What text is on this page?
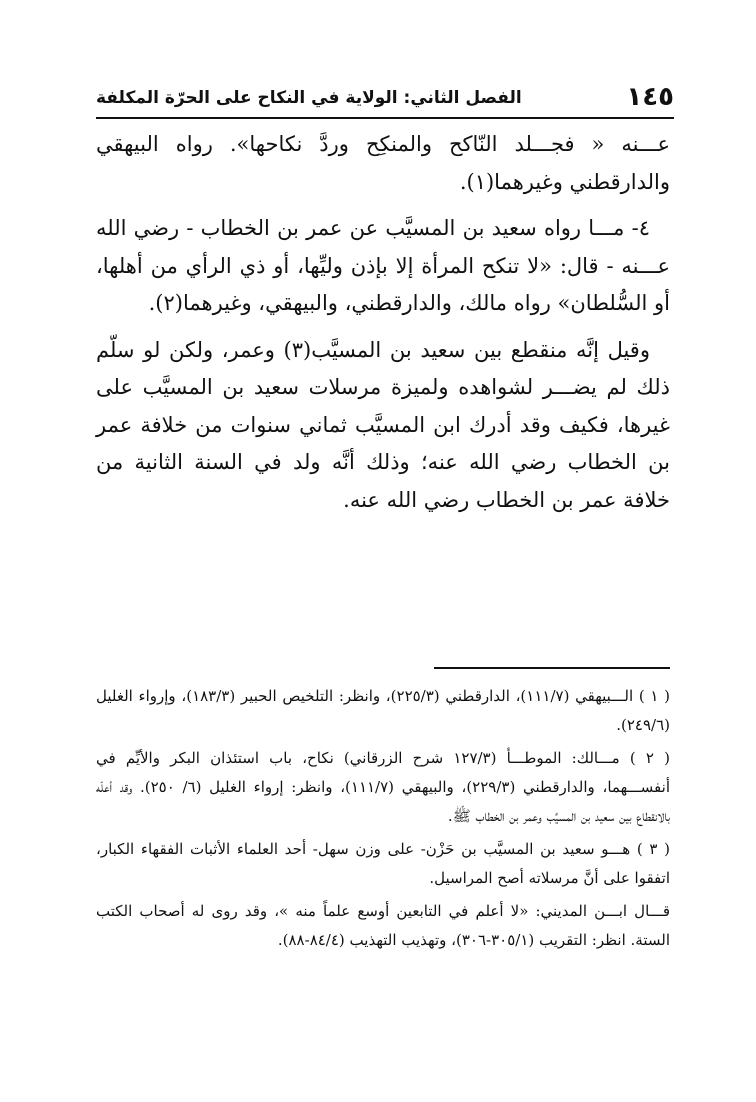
١٤٥
الفصل الثاني: الولاية في النكاح على الحرّة المكلفة

عـــنه « فجـــلد النّاكح والمنكِح وردَّ نكاحها». رواه البيهقي والدارقطني وغيرهما(١).

٤- مـــا رواه سعيد بن المسيَّب عن عمر بن الخطاب - رضي الله عـــنه - قال: «لا تنكح المرأة إلا بإذن وليِّها، أو ذي الرأي من أهلها، أو السُّلطان» رواه مالك، والدارقطني، والبيهقي، وغيرهما(٢).

وقيل إنَّه منقطع بين سعيد بن المسيَّب(٣) وعمر، ولكن لو سلّم ذلك لم يضـــر لشواهده ولميزة مرسلات سعيد بن المسيَّب على غيرها، فكيف وقد أدرك ابن المسيَّب ثماني سنوات من خلافة عمر بن الخطاب رضي الله عنه؛ وذلك أنَّه ولد في السنة الثانية من خلافة عمر بن الخطاب رضي الله عنه.

( ١ ) الـــبيهقي (١١١/٧)، الدارقطني (٢٢٥/٣)، وانظر: التلخيص الحبير (١٨٣/٣)، وإرواء الغليل (٢٤٩/٦).

( ٢ ) مـــالك: الموطـــأ (١٢٧/٣ شرح الزرقاني) نكاح، باب استئذان البكر والأيِّم في أنفســـهما، والدارقطني (٢٢٩/٣)، والبيهقي (١١١/٧)، وانظر: إرواء الغليل (٦/ ٢٥٠). وقد أعلّه بالانقطاع بين سعيد بن المسيَّب وعمر بن الخطاب ﷺ.

( ٣ ) هـــو سعيد بن المسيَّب بن حَزْن- على وزن سهل- أحد العلماء الأثبات الفقهاء الكبار، اتفقوا على أنَّ مرسلاته أصح المراسيل.

قـــال ابـــن المديني: «لا أعلم في التابعين أوسع علماً منه »، وقد روى له أصحاب الكتب الستة. انظر: التقريب (٣٠٥/١-٣٠٦)، وتهذيب التهذيب (٨٤/٤-٨٨).
